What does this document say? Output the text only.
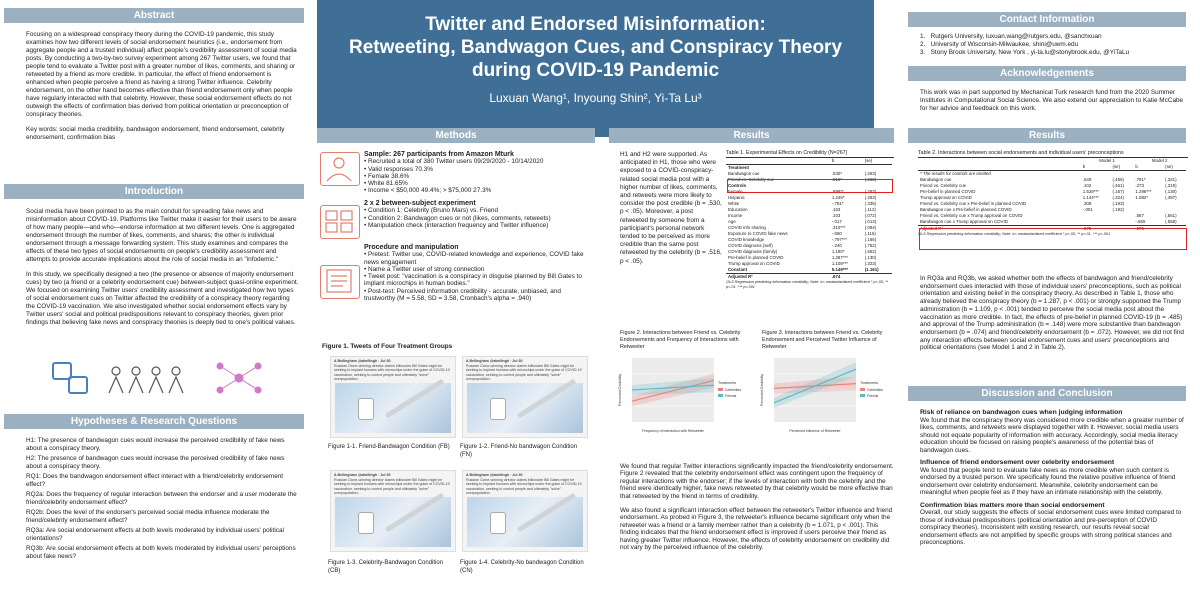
Abstract

Focusing on a widespread conspiracy theory during the COVID-19 pandemic, this study examines how two different levels of social endorsement heuristics (i.e., endorsement from aggregate people and a trusted individual) affect people's credibility assessment of social media posts. By conducting a two-by-two survey experiment among 267 Twitter users, we found that people tend to evaluate a Twitter post with a greater number of likes, comments, and sharing or retweeted by a friend as more credible. In particular, the effect of friend endorsement is enhanced when people perceive a friend as having a strong Twitter influence. Celebrity endorsement, on the other hand becomes effective than friend endorsement only when people have regularly interacted with that celebrity. However, these social endorsement effects do not outweigh the effects of confirmation bias derived from political orientation or preconception of conspiracy theories.

Key words: social media credibility, bandwagon endorsement, friend endorsement, celebrity endorsement, confirmation bias

Introduction

Social media have been pointed to as the main conduit for spreading fake news and misinformation about COVID-19. Platforms like Twitter make it easier for their users to be aware of how many people—and who—endorse information at two different levels. One is aggregated endorsement through the number of likes, comments, and shares; the other is individual endorsement through a message forwarding system. This study examines and compares the effects of these two types of social endorsements on people's credibility assessment and attempts to provide accurate implications about the role of social media in an "infodemic."

In this study, we specifically designed a two (the presence or absence of majority endorsement cues) by two (a friend or a celebrity endorsement cue) between-subject quasi-online experiment. We focused on examining Twitter users' credibility assessment and investigated how two types of social endorsement cues on Twitter affected the credibility of a conspiracy theory regarding the COVID-19 vaccination. We also investigated whether social endorsement effects vary by Twitter users' social and political predispositions relevant to conspiracy theories, given prior findings that believing fake news and conspiracy theories is deeply tied to one's political values.

Hypotheses & Research Questions

H1: The presence of bandwagon cues would increase the perceived credibility of fake news about a conspiracy theory.

H2: The presence of bandwagon cues would increase the perceived credibility of fake news about a conspiracy theory.

RQ1: Does the bandwagon endorsement effect interact with a friend/celebrity endorsement effect?

RQ2a: Does the frequency of regular interaction between the endorser and a user moderate the friend/celebrity endorsement effect?

RQ2b: Does the level of the endorser's perceived social media influence moderate the friend/celebrity endorsement effect?

RQ3a: Are social endorsement effects at both levels moderated by individual users' political orientations?

RQ3b: Are social endorsement effects at both levels moderated by individual users' perceptions about fake news?

Twitter and Endorsed Misinformation:
Retweeting, Bandwagon Cues, and Conspiracy Theory
during COVID-19 Pandemic
Luxuan Wang¹, Inyoung Shin², Yi-Ta Lu³
Methods
Sample: 267 participants from Amazon Mturk
• Recruited a total of 380 Twitter users 09/29/2020 - 10/14/2020
• Valid responses 70.3%
• Female 38.6%
• White 81.65%
• Income < $50,000 49.4%; > $75,000 27.3%
2 x 2 between-subject experiment
• Condition 1: Celebrity (Bruno Mars) vs. Friend
• Condition 2: Bandwagon cues or not (likes, comments, retweets)
• Manipulation check (interaction frequency and Twitter influence)
Procedure and manipulation
• Pretest: Twitter use, COVID-related knowledge and experience, COVID fake news engagement
• Name a Twitter user of strong connection
• Tweet post: "vaccination is a conspiracy in disguise planned by Bill Gates to implant microchips in human bodies."
• Post-test: Perceived information credibility - accurate, unbiased, and trustworthy (M = 5.58, SD = 3.58, Cronbach's alpha = .940)
Figure 1. Tweets of Four Treatment Groups
A Bellingham @abellingh · Jul 30
Russian Clone-winning director claims billionaire Bill Gates might be seeking to implant humans with microchips under the guise of COVID-19 vaccination, seeking to control people and ultimately "solve" overpopulation.
A Bellingham @abellingh · Jul 30
Russian Clone-winning director claims billionaire Bill Gates might be seeking to implant humans with microchips under the guise of COVID-19 vaccination, seeking to control people and ultimately "solve" overpopulation.
Figure 1-1. Friend-Bandwagon Condition (FB)	Figure 1-2. Friend-No bandwagon Condition (FN)
A Bellingham @abellingh · Jul 30
Russian Clone-winning director claims billionaire Bill Gates might be seeking to implant humans with microchips under the guise of COVID-19 vaccination, seeking to control people and ultimately "solve" overpopulation.
A Bellingham @abellingh · Jul 30
Russian Clone-winning director claims billionaire Bill Gates might be seeking to implant humans with microchips under the guise of COVID-19 vaccination, seeking to control people and ultimately "solve" overpopulation.
Figure 1-3. Celebrity-Bandwagon Condition (CB)
Figure 1-4. Celebrity-No bandwagon Condition (CN)
Results
H1 and H2 were supported. As anticipated in H1, those who were exposed to a COVID-conspiracy-related social media post with a higher number of likes, comments, and retweets were more likely to consider the post credible (b = .530, p < .05). Moreover, a post retweeted by someone from a participant's personal network tended to be perceived as more credible than the same post retweeted by the celebrity (b = .516, p < .05).
Table 1. Experimental Effects on Credibility (N=267)
	b	(se)
Treatment		
Bandwagon cue	.530*	(.263)
Friend vs. Celebrity cue	.516*	(.263)
Controls		
Female	.898**	(.263)
Hispanic	1.245*	(.263)
White	-.781*	(.335)
Education	.163	(.112)
Income	.103	(.072)
Age	-.017	(.013)
COVID info sharing	.310***	(.094)
Exposure to COVID fake news	-.060	(.116)
COVID knowledge	-.797***	(.166)
COVID diagnosis (self)	-.240	(.752)
COVID diagnosis (family)	1.190*	(.652)
Pre-belief in planned COVID	1.287***	(.130)
Trump approval on COVID	1.109***	(.323)
Constant	5.149***	(1.161)
Adjusted R²	.674	
OLS Regression predicting information credibility; Note: b= unstandardized coefficient * p<.05, ** p<.01, *** p<.001
Figure 2. Interactions between Friend vs. Celebrity Endorsements and Frequency of Interactions with Retweeter
Figure 3. Interactions between Friend vs. Celebrity Endorsement and Perceived Twitter Influence of Retweeter
Perceived Credibility
Frequency of interaction with Retweeter
Treatments
Celebrities
Friends	Perceived Credibility
Perceived influence of Retweeter
Treatments
Celebrities
Friends

We found that regular Twitter interactions significantly impacted the friend/celebrity endorsement. Figure 2 revealed that the celebrity endorsement effect was contingent upon the frequency of regular interactions with the endorser; if the levels of interaction with both the celebrity and the friend were identically higher, fake news retweeted by that celebrity would be more effective than that retweeted by the friend in terms of credibility.

We also found a significant interaction effect between the retweeter's Twitter influence and friend endorsement. As probed in Figure 3, the retweeter's influence became significant only when the retweeter was a friend or a family member rather than a celebrity (b = 1.071, p < .001). This finding indicates that the friend endorsement effect is improved if users perceive their friend as having greater Twitter influence. However, the effects of celebrity endorsement on credibility did not vary by the perceived influence of the celebrity.

Contact Information
1.   Rutgers University, luxuan.wang@rutgers.edu, @sanchxuan
2.   University of Wisconsin-Milwaukee, shini@uwm.edu
3.   Stony Brook University, New York , yi-ta.lu@stonybrook.edu, @YiTaLu
Acknowledgements
This work was in part supported by Mechanical Turk research fund from the 2020 Summer Institutes in Computational Social Science. We also extend our appreciation to Katie McCabe for her advice and feedback on this work.
Results
Table 2. Interactions between social endorsements and individual users' preconceptions
	Model 1		Model 2	
	b	(se)	b	(se)
* The results for controls are omitted				
Bandwagon cue	.549	(.456)	.761*	(.321)
Friend vs. Celebrity cue	.102	(.461)	.273	(.319)
Pre-belief in planned COVID	1.529***	(.167)	1.296***	(.130)
Trump approval on COVID	1.144***	(.324)	1.082*	(.487)
Friend vs. Celebrity cue x Pre-belief in planned COVID	.308	(.193)		
Bandwagon cue x Pre-belief in planned COVID	-.001	(.192)		
Friend vs. Celebrity cue x Trump approval on COVID			.567	(.561)
Bandwagon cue x Trump approval on COVID			-.555	(.558)
Adjusted R²	.675		.675	
OLS Regression predicting information credibility; Note: b= unstandardized coefficient * p<.05, ** p<.01, *** p<.001
In RQ3a and RQ3b, we asked whether both the effects of bandwagon and friend/celebrity endorsement cues interacted with those of individual users' preconceptions, such as political orientation and existing belief in the conspiracy theory. As described in Table 1, those who already believed the conspiracy theory (b = 1.287, p < .001) or strongly supported the Trump administration (b = 1.109, p < .001) tended to perceive the social media post about the vaccination as more credible. In fact, the effects of pre-belief in planned COVID-19 (b = .485) and approval of the Trump administration (b = .148) were more substantive than bandwagon endorsement (b = .074) and friend/celebrity endorsement (b = .072). However, we did not find any interaction effects between social endorsement cues and users' preconceptions and political orientations (see Model 1 and 2 in Table 2).
Discussion and Conclusion
Risk of reliance on bandwagon cues when judging information

We found that the conspiracy theory was considered more credible when a greater number of likes, comments, and retweets were displayed together with it. However, social media users should not equate popularity of information with accuracy. Accordingly, social media literacy education should be focused on raising people's awareness of the potential bias of bandwagon cues.

Influence of friend endorsement over celebrity endorsement

We found that people tend to evaluate fake news as more credible when such content is endorsed by a trusted person. We specifically found the relative positive influence of friend endorsement over celebrity endorsement. Meanwhile, celebrity endorsement can be meaningful when people feel as if they have an intimate relationship with the celebrity.

Confirmation bias matters more than social endorsement

Overall, our study suggests the effects of social endorsement cues were limited compared to those of individual predispositions (political orientation and pre-perception of COVID conspiracy theories). Inconsistent with existing research, our results reveal social endorsement effects are not amplified by specific groups with strong political stances and preconceptions.
